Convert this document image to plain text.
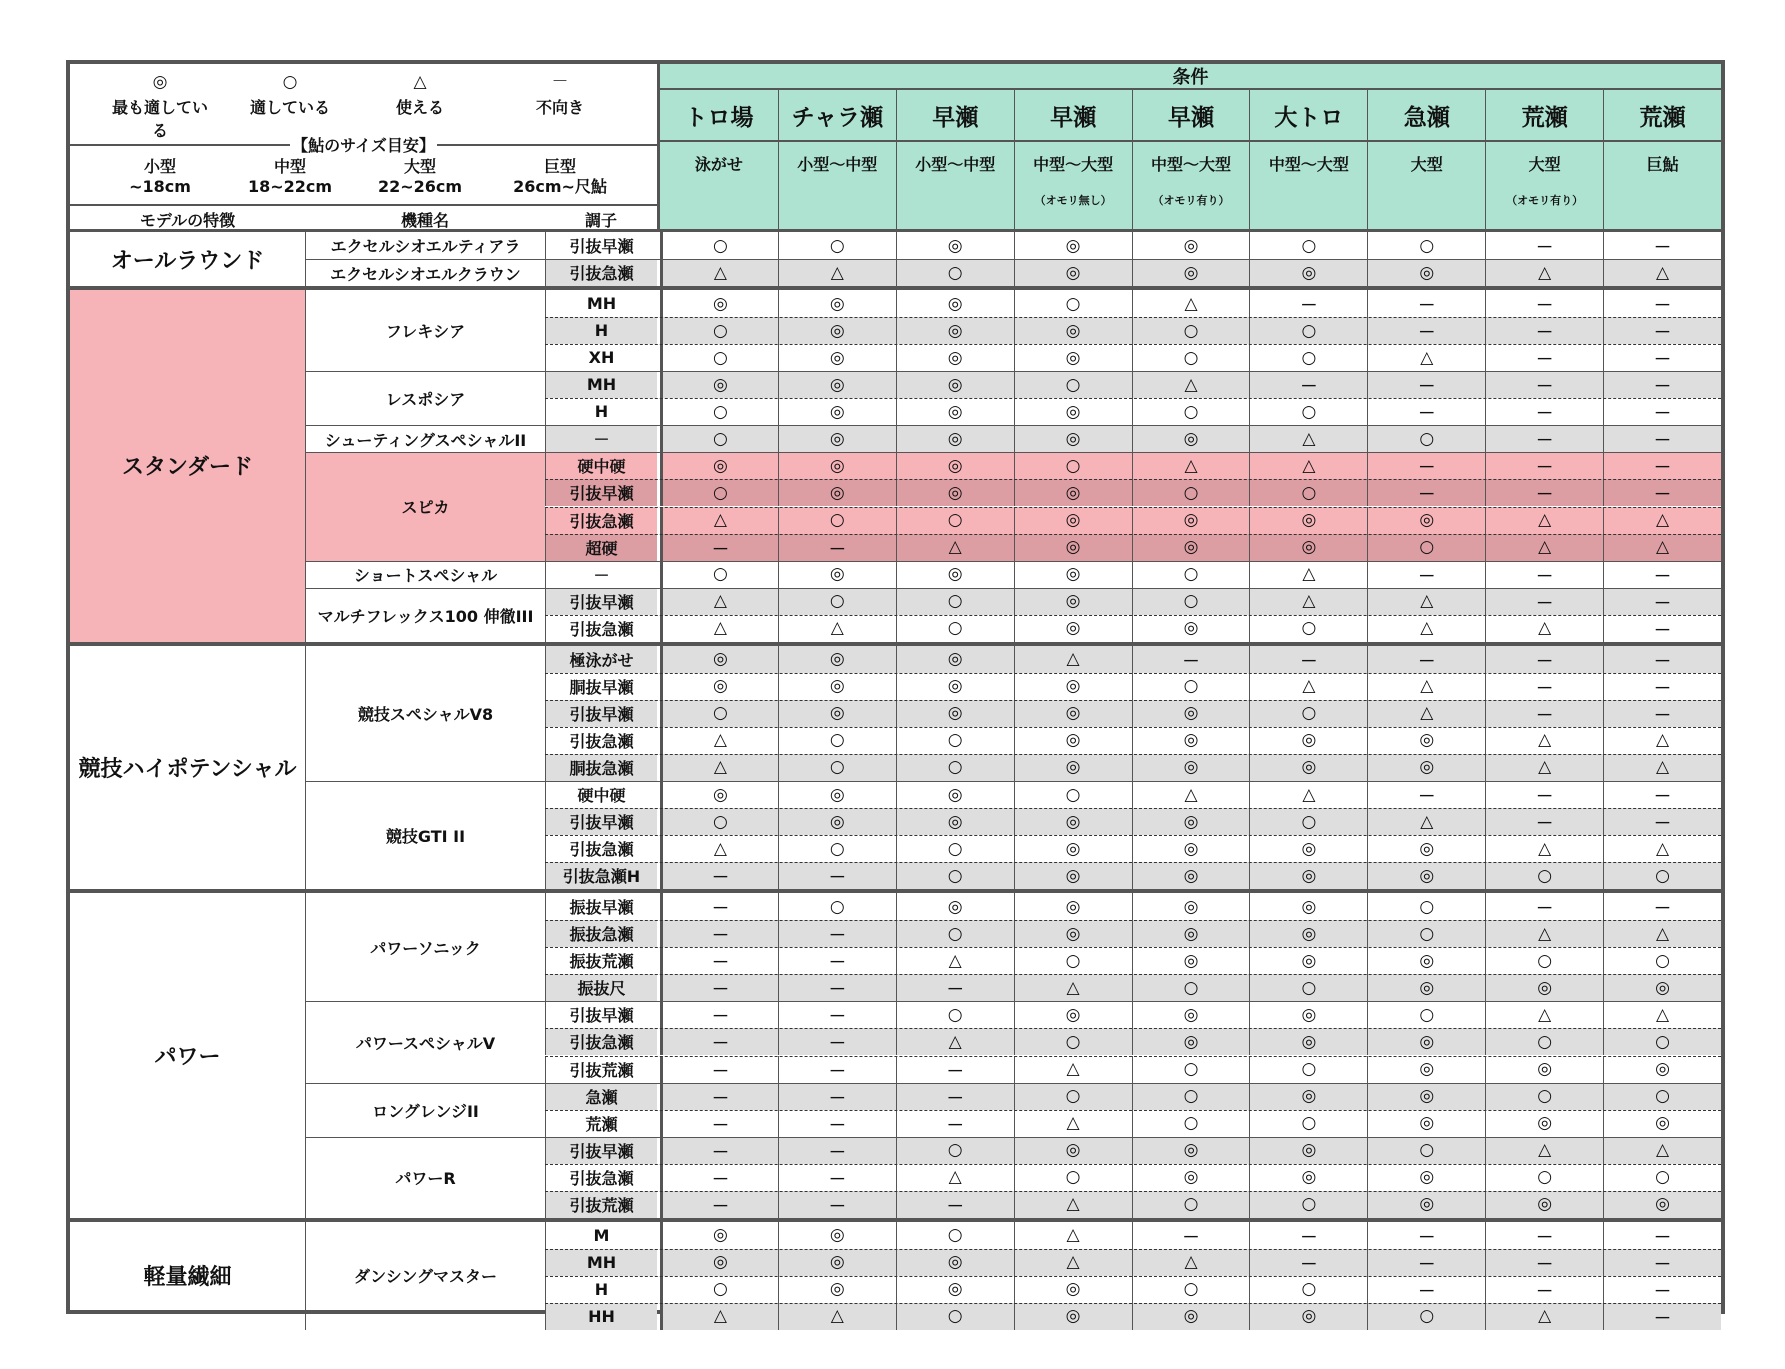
◎
最も適している
○
適している
△
使える
－
不向き
【鮎のサイズ目安】
小型
~18cm
中型
18~22cm
大型
22~26cm
巨型
26cm~尺鮎
モデルの特徴	機種名	調子
条件
トロ場
泳がせ
チャラ瀬
小型～中型
早瀬
小型～中型
早瀬
中型～大型
（オモリ無し）
早瀬
中型～大型
（オモリ有り）
大トロ
中型～大型
急瀬
大型
荒瀬
大型
（オモリ有り）
荒瀬
巨鮎
オールラウンド
エクセルシオエルティアラ	引抜早瀬	○	○	◎	◎	◎	○	○	－	－
エクセルシオエルクラウン	引抜急瀬	△	△	○	◎	◎	◎	◎	△	△
スタンダード
フレキシア
MH	◎	◎	◎	○	△	－	－	－	－
H	○	◎	◎	◎	○	○	－	－	－
XH	○	◎	◎	◎	○	○	△	－	－
レスポシア
MH	◎	◎	◎	○	△	－	－	－	－
H	○	◎	◎	◎	○	○	－	－	－
シューティングスペシャルII	－	○	◎	◎	◎	◎	△	○	－	－
スピカ
硬中硬	◎	◎	◎	○	△	△	－	－	－
引抜早瀬	○	◎	◎	◎	○	○	－	－	－
引抜急瀬	△	○	○	◎	◎	◎	◎	△	△
超硬	－	－	△	◎	◎	◎	○	△	△
ショートスペシャル	－	○	◎	◎	◎	○	△	－	－	－
マルチフレックス100 伸徹III
引抜早瀬	△	○	○	◎	○	△	△	－	－
引抜急瀬	△	△	○	◎	◎	○	△	△	－
競技ハイポテンシャル
競技スペシャルV8
極泳がせ	◎	◎	◎	△	－	－	－	－	－
胴抜早瀬	◎	◎	◎	◎	○	△	△	－	－
引抜早瀬	○	◎	◎	◎	◎	○	△	－	－
引抜急瀬	△	○	○	◎	◎	◎	◎	△	△
胴抜急瀬	△	○	○	◎	◎	◎	◎	△	△
競技GTI II
硬中硬	◎	◎	◎	○	△	△	－	－	－
引抜早瀬	○	◎	◎	◎	◎	○	△	－	－
引抜急瀬	△	○	○	◎	◎	◎	◎	△	△
引抜急瀬H	－	－	○	◎	◎	◎	◎	○	○
パワー
パワーソニック
振抜早瀬	－	○	◎	◎	◎	◎	○	－	－
振抜急瀬	－	－	○	◎	◎	◎	○	△	△
振抜荒瀬	－	－	△	○	◎	◎	◎	○	○
振抜尺	－	－	－	△	○	○	◎	◎	◎
パワースペシャルV
引抜早瀬	－	－	○	◎	◎	◎	○	△	△
引抜急瀬	－	－	△	○	◎	◎	◎	○	○
引抜荒瀬	－	－	－	△	○	○	◎	◎	◎
ロングレンジII
急瀬	－	－	－	○	○	◎	◎	○	○
荒瀬	－	－	－	△	○	○	◎	◎	◎
パワーR
引抜早瀬	－	－	○	◎	◎	◎	○	△	△
引抜急瀬	－	－	△	○	◎	◎	◎	○	○
引抜荒瀬	－	－	－	△	○	○	◎	◎	◎
軽量繊細	ダンシングマスター
M	◎	◎	○	△	－	－	－	－	－
MH	◎	◎	◎	△	△	－	－	－	－
H	○	◎	◎	◎	○	○	－	－	－
HH	△	△	○	◎	◎	◎	○	△	－
